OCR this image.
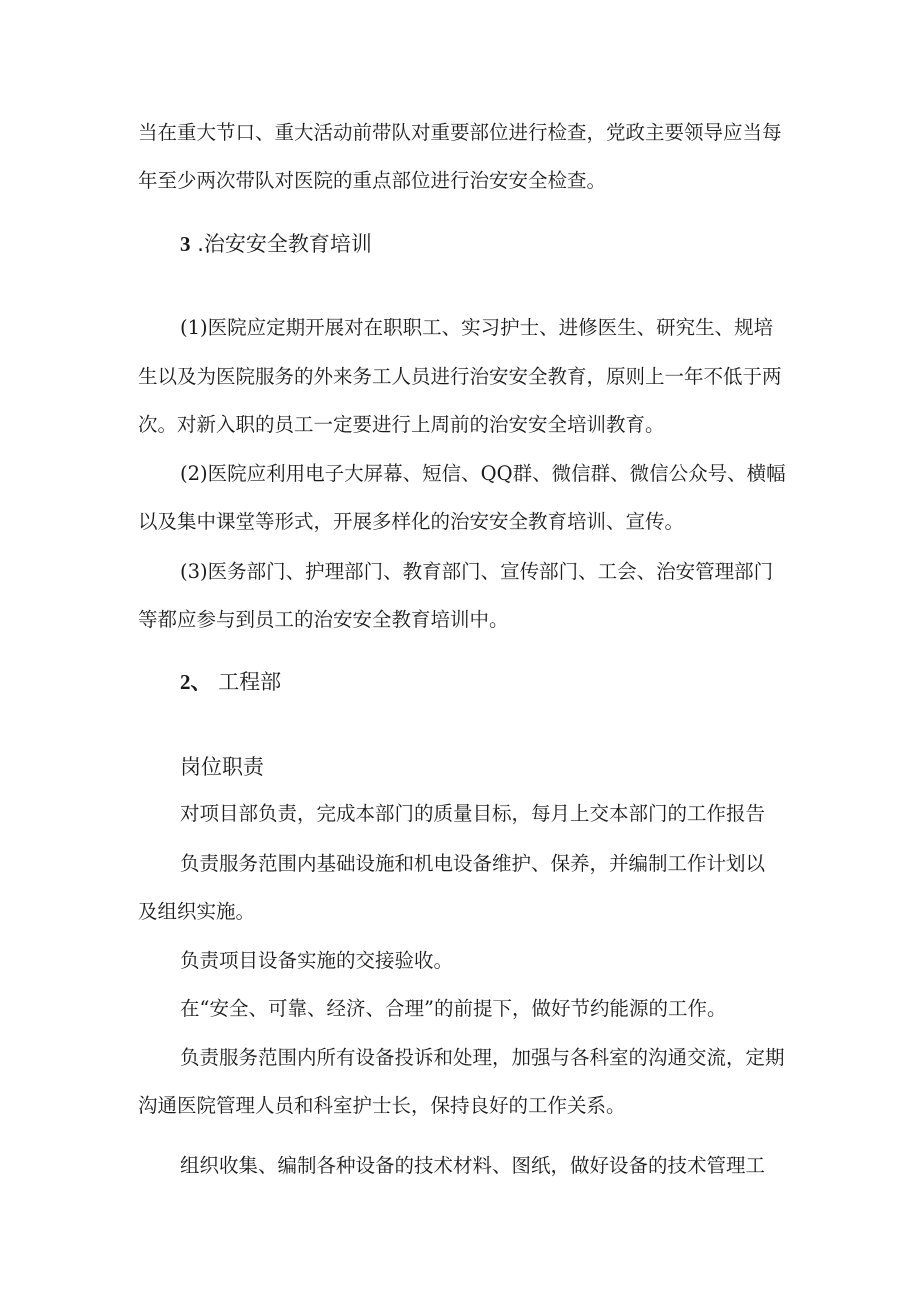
当在重大节口、重大活动前带队对重要部位进行检查，党政主要领导应当每

年至少两次带队对医院的重点部位进行治安安全检查。

3 .治安安全教育培训

(1)医院应定期开展对在职职工、实习护士、进修医生、研究生、规培

生以及为医院服务的外来务工人员进行治安安全教育，原则上一年不低于两

次。对新入职的员工一定要进行上周前的治安安全培训教育。

(2)医院应利用电子大屏幕、短信、QQ群、微信群、微信公众号、横幅

以及集中课堂等形式，开展多样化的治安安全教育培训、宣传。

(3)医务部门、护理部门、教育部门、宣传部门、工会、治安管理部门

等都应参与到员工的治安安全教育培训中。

2、 工程部
岗位职责

对项目部负责，完成本部门的质量目标，每月上交本部门的工作报告

负责服务范围内基础设施和机电设备维护、保养，并编制工作计划以

及组织实施。

负责项目设备实施的交接验收。

在“安全、可靠、经济、合理”的前提下，做好节约能源的工作。

负责服务范围内所有设备投诉和处理，加强与各科室的沟通交流，定期

沟通医院管理人员和科室护士长，保持良好的工作关系。

组织收集、编制各种设备的技术材料、图纸，做好设备的技术管理工
